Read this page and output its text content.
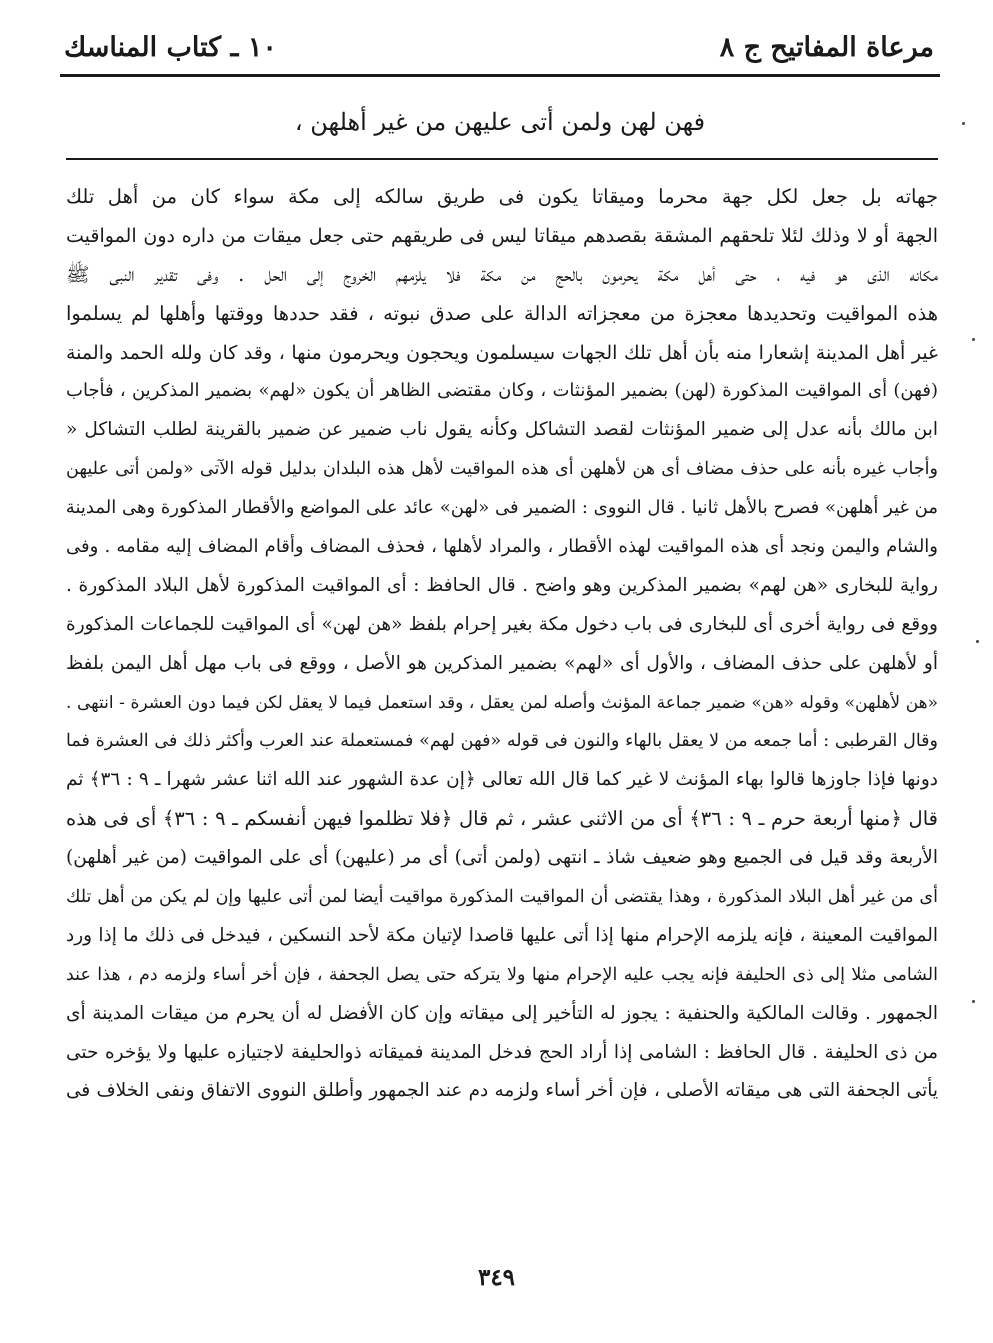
مرعاة المفاتيح ج ٨
١٠ ـ كتاب المناسك
فهن لهن ولمن أتى عليهن من غير أهلهن ،
جهاته بل جعل لكل جهة محرما وميقاتا يكون فى طريق سالكه إلى مكة سواء كان من أهل تلك
الجهة أو لا وذلك لئلا تلحقهم المشقة بقصدهم ميقاتا ليس فى طريقهم حتى جعل ميقات من داره دون المواقيت
مكانه الذى هو فيه ، حتى أهل مكة يحرمون بالحج من مكة فلا يلزمهم الخروج إلى الحل . وفى تقدير النبى ﷺ
هذه المواقيت وتحديدها معجزة من معجزاته الدالة على صدق نبوته ، فقد حددها ووقتها وأهلها لم يسلموا
غير أهل المدينة إشعارا منه بأن أهل تلك الجهات سيسلمون ويحجون ويحرمون منها ، وقد كان ولله الحمد والمنة
(فهن) أى المواقيت المذكورة (لهن) بضمير المؤنثات ، وكان مقتضى الظاهر أن يكون «لهم» بضمير المذكرين ، فأجاب
ابن مالك بأنه عدل إلى ضمير المؤنثات لقصد التشاكل وكأنه يقول ناب ضمير عن ضمير بالقرينة لطلب التشاكل «
وأجاب غيره بأنه على حذف مضاف أى هن لأهلهن أى هذه المواقيت لأهل هذه البلدان بدليل قوله الآتى «ولمن أتى عليهن
من غير أهلهن» فصرح بالأهل ثانيا . قال النووى : الضمير فى «لهن» عائد على المواضع والأقطار المذكورة وهى المدينة
والشام واليمن ونجد أى هذه المواقيت لهذه الأقطار ، والمراد لأهلها ، فحذف المضاف وأقام المضاف إليه مقامه . وفى
رواية للبخارى «هن لهم» بضمير المذكرين وهو واضح . قال الحافظ : أى المواقيت المذكورة لأهل البلاد المذكورة .
ووقع فى رواية أخرى أى للبخارى فى باب دخول مكة بغير إحرام بلفظ «هن لهن» أى المواقيت للجماعات المذكورة
أو لأهلهن على حذف المضاف ، والأول أى «لهم» بضمير المذكرين هو الأصل ، ووقع فى باب مهل أهل اليمن بلفظ
«هن لأهلهن» وقوله «هن» ضمير جماعة المؤنث وأصله لمن يعقل ، وقد استعمل فيما لا يعقل لكن فيما دون العشرة - انتهى .
وقال القرطبى : أما جمعه من لا يعقل بالهاء والنون فى قوله «فهن لهم» فمستعملة عند العرب وأكثر ذلك فى العشرة فما
دونها فإذا جاوزها قالوا بهاء المؤنث لا غير كما قال الله تعالى ﴿إن عدة الشهور عند الله اثنا عشر شهرا ـ ٩ : ٣٦﴾ ثم
قال ﴿منها أربعة حرم ـ ٩ : ٣٦﴾ أى من الاثنى عشر ، ثم قال ﴿فلا تظلموا فيهن أنفسكم ـ ٩ : ٣٦﴾ أى فى هذه
الأربعة وقد قيل فى الجميع وهو ضعيف شاذ ـ انتهى (ولمن أتى) أى مر (عليهن) أى على المواقيت (من غير أهلهن)
أى من غير أهل البلاد المذكورة ، وهذا يقتضى أن المواقيت المذكورة مواقيت أيضا لمن أتى عليها وإن لم يكن من أهل تلك
المواقيت المعينة ، فإنه يلزمه الإحرام منها إذا أتى عليها قاصدا لإتيان مكة لأحد النسكين ، فيدخل فى ذلك ما إذا ورد
الشامى مثلا إلى ذى الحليفة فإنه يجب عليه الإحرام منها ولا يتركه حتى يصل الجحفة ، فإن أخر أساء ولزمه دم ، هذا عند
الجمهور . وقالت المالكية والحنفية : يجوز له التأخير إلى ميقاته وإن كان الأفضل له أن يحرم من ميقات المدينة أى
من ذى الحليفة . قال الحافظ : الشامى إذا أراد الحج فدخل المدينة فميقاته ذوالحليفة لاجتيازه عليها ولا يؤخره حتى
يأتى الجحفة التى هى ميقاته الأصلى ، فإن أخر أساء ولزمه دم عند الجمهور وأطلق النووى الاتفاق ونفى الخلاف فى
٣٤٩
